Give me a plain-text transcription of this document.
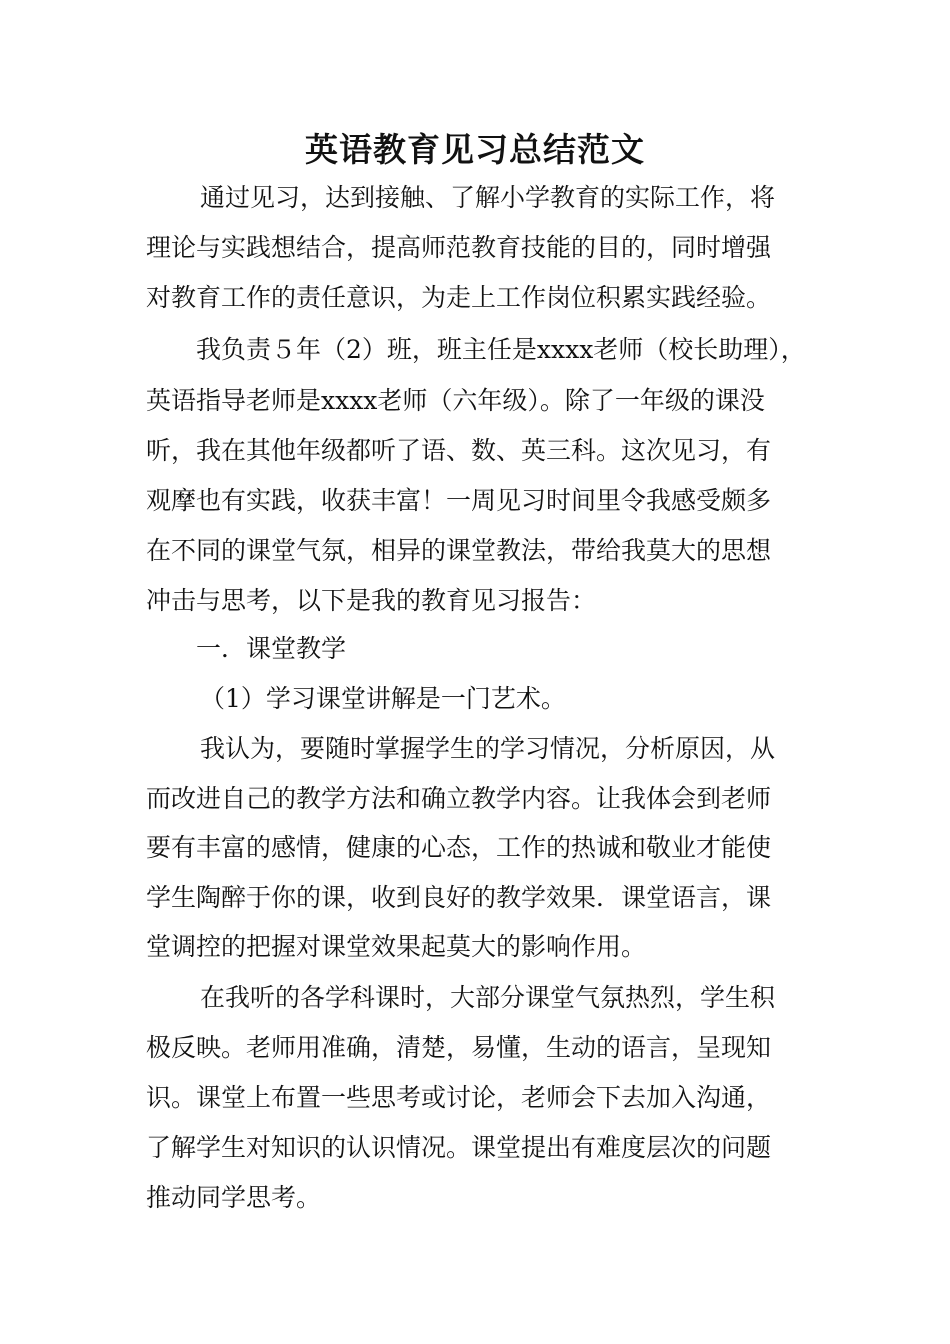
英语教育见习总结范文
通过见习，达到接触、了解小学教育的实际工作，将
理论与实践想结合，提高师范教育技能的目的，同时增强
对教育工作的责任意识，为走上工作岗位积累实践经验。
我负责５年（2）班，班主任是xxxx老师（校长助理），
英语指导老师是xxxx老师（六年级）。除了一年级的课没
听，我在其他年级都听了语、数、英三科。这次见习，有
观摩也有实践，收获丰富！一周见习时间里令我感受颇多
在不同的课堂气氛，相异的课堂教法，带给我莫大的思想
冲击与思考，以下是我的教育见习报告：
一．课堂教学
（1）学习课堂讲解是一门艺术。
我认为，要随时掌握学生的学习情况，分析原因，从
而改进自己的教学方法和确立教学内容。让我体会到老师
要有丰富的感情，健康的心态，工作的热诚和敬业才能使
学生陶醉于你的课，收到良好的教学效果．课堂语言，课
堂调控的把握对课堂效果起莫大的影响作用。
在我听的各学科课时，大部分课堂气氛热烈，学生积
极反映。老师用准确，清楚，易懂，生动的语言，呈现知
识。课堂上布置一些思考或讨论，老师会下去加入沟通，
了解学生对知识的认识情况。课堂提出有难度层次的问题
推动同学思考。
